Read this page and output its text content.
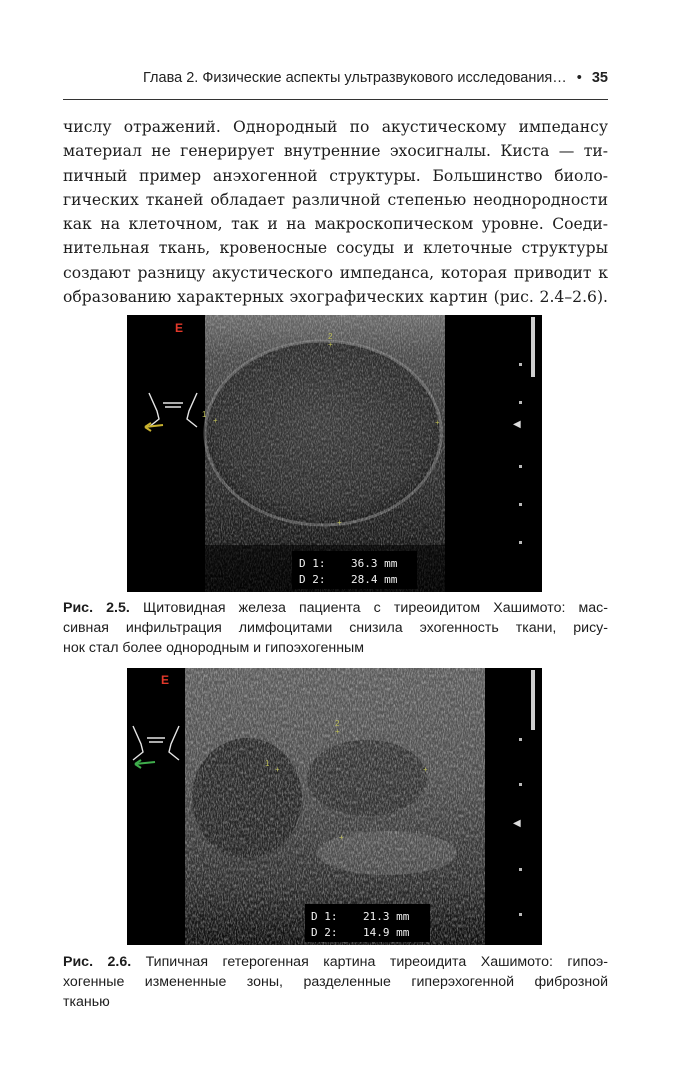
Глава 2. Физические аспекты ультразвукового исследования… • 35
числу отражений. Однородный по акустическому импедансу
материал не генерирует внутренние эхосигналы. Киста — ти-
пичный пример анэхогенной структуры. Большинство биоло-
гических тканей обладает различной степенью неоднородности
как на клеточном, так и на макроскопическом уровне. Соеди-
нительная ткань, кровеносные сосуды и клеточные структуры
создают разницу акустического импеданса, которая приводит к
образованию характерных эхографических картин (рис. 2.4–2.6).
E
2
1
+
+	+
+
◀
D 1: 36.3 mm
D 2: 28.4 mm

Рис. 2.5. Щитовидная железа пациента с тиреоидитом Хашимото: мас-
сивная инфильтрация лимфоцитами снизила эхогенность ткани, рису-
нок стал более однородным и гипоэхогенным

E
2
1
+
+	+
+
◀
D 1: 21.3 mm
D 2: 14.9 mm

Рис. 2.6. Типичная гетерогенная картина тиреоидита Хашимото: гипоэ-
хогенные измененные зоны, разделенные гиперэхогенной фиброзной
тканью
